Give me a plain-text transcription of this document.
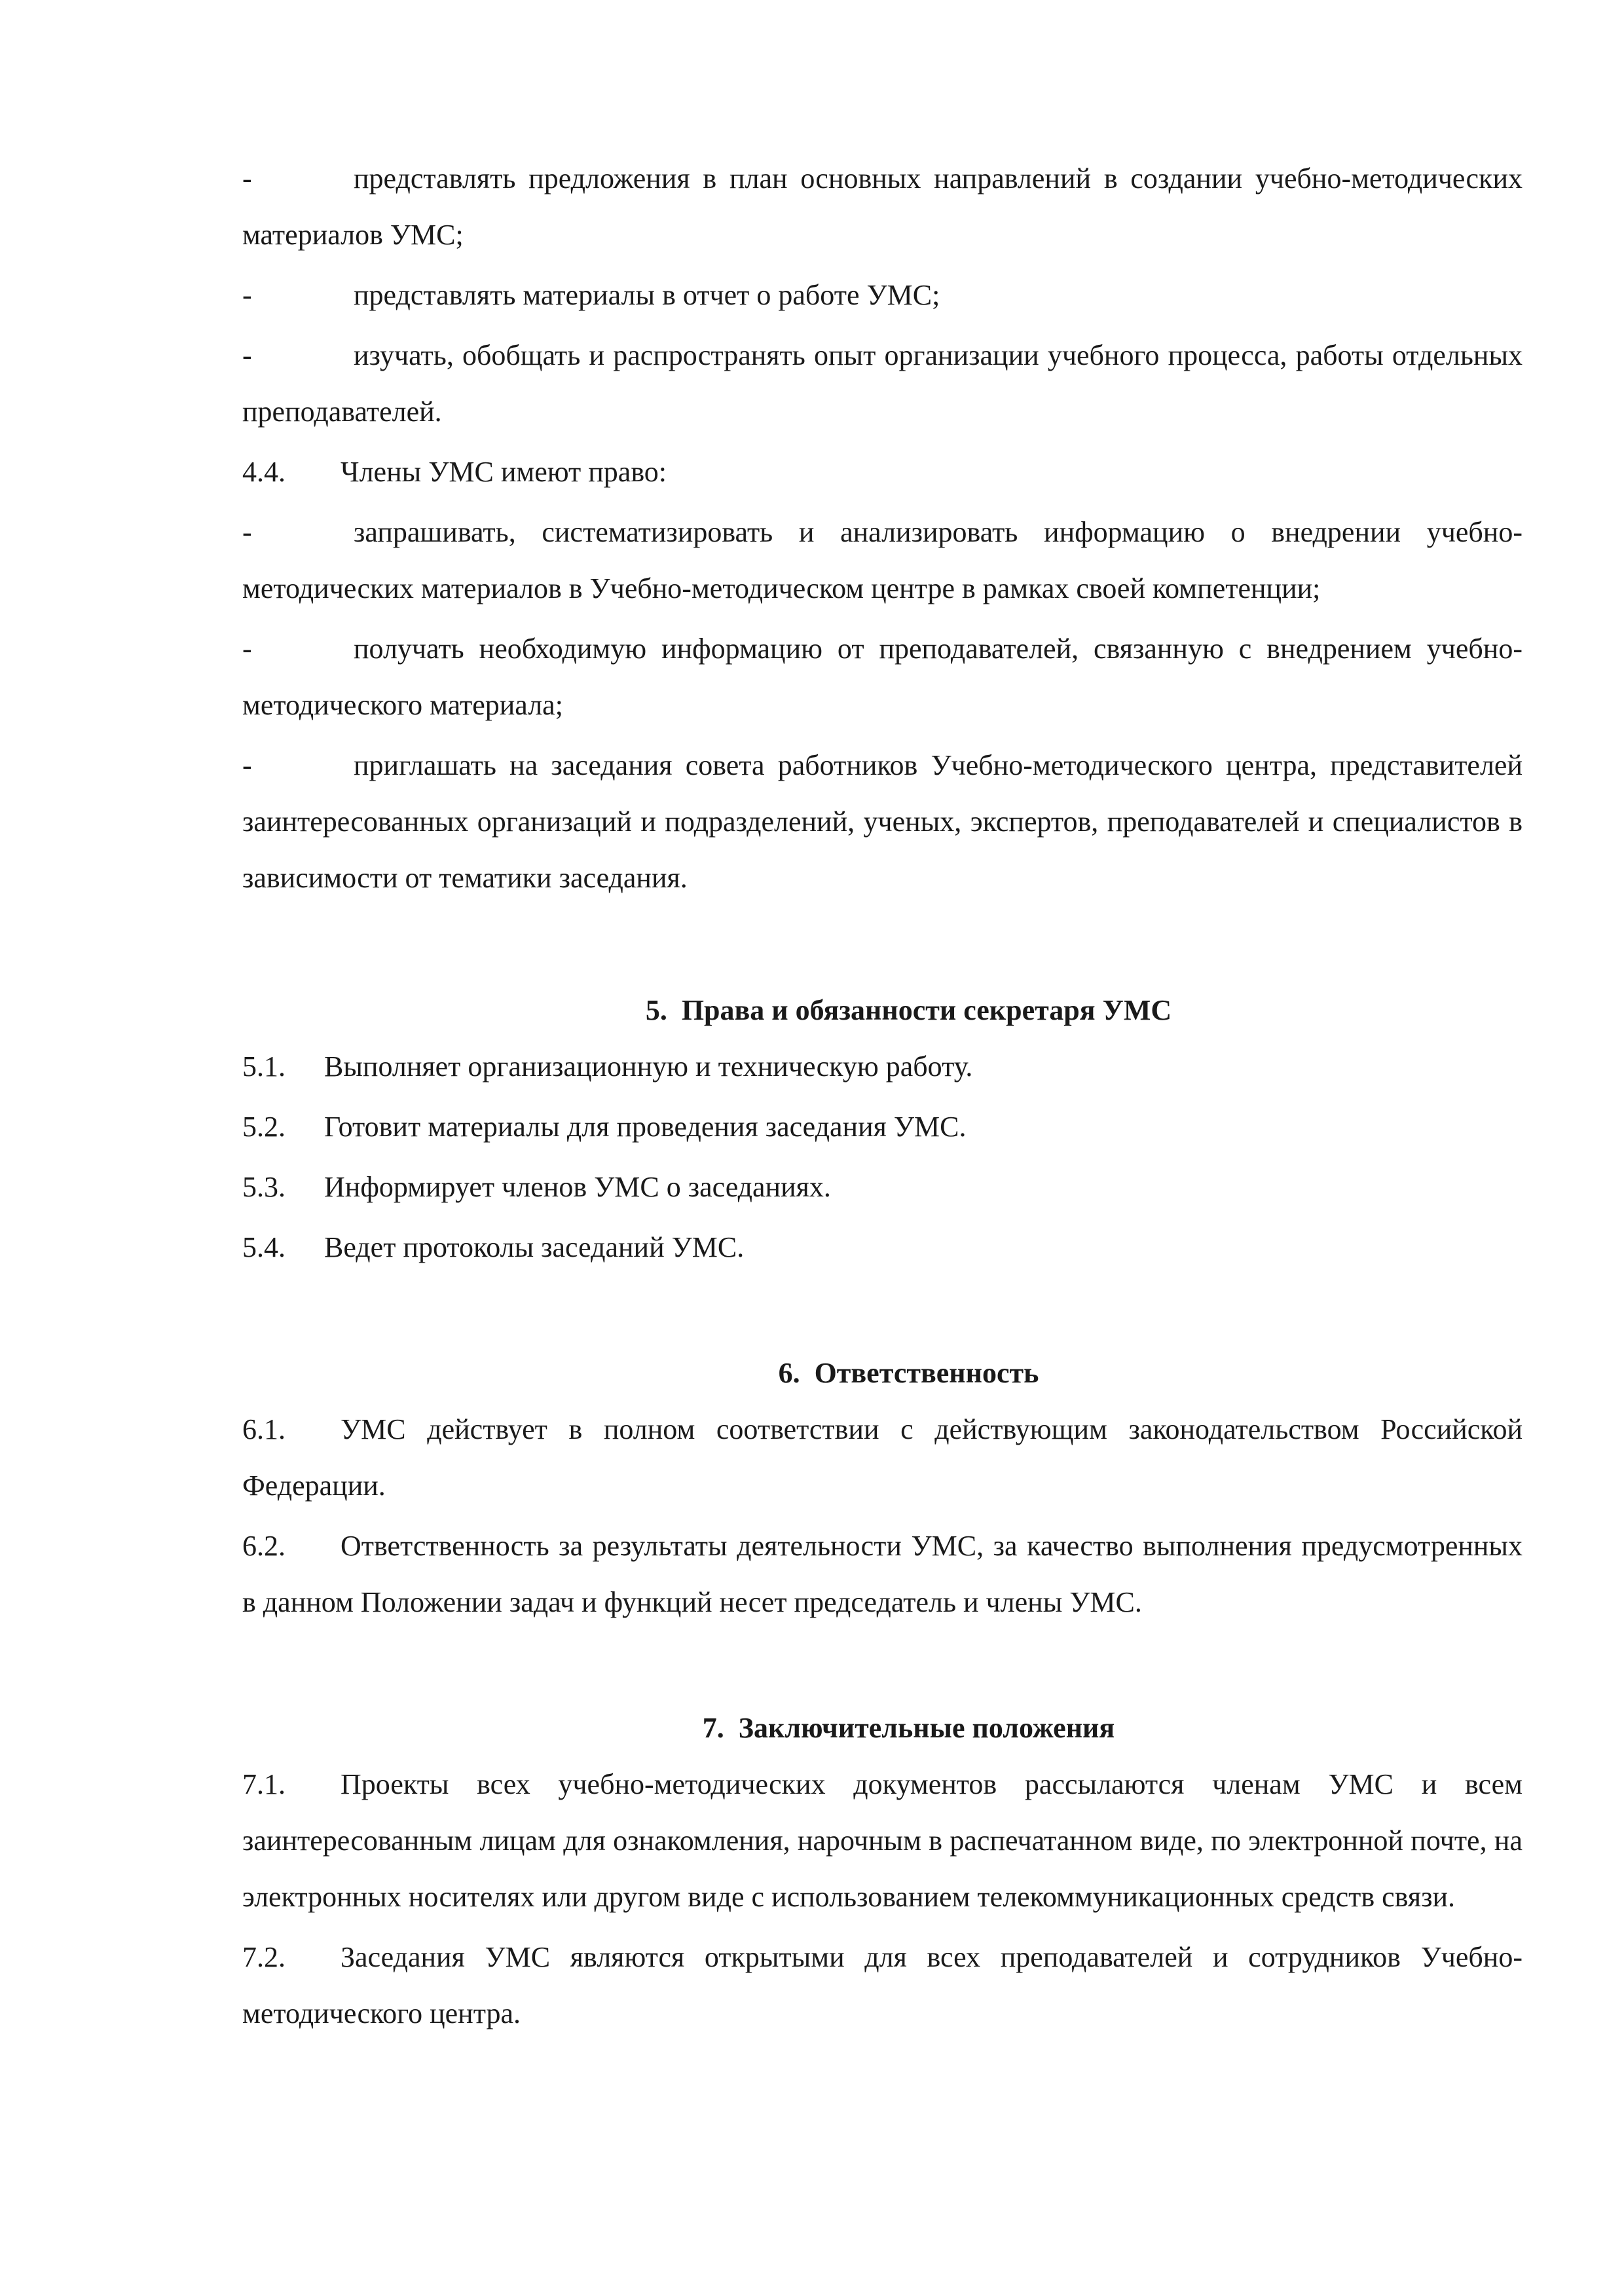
-	представлять предложения в план основных направлений в создании учебно-методических материалов УМС;

-	представлять материалы в отчет о работе УМС;

-	изучать, обобщать и распространять опыт организации учебного процесса, работы отдельных преподавателей.

4.4. Члены УМС имеют право:

-	запрашивать, систематизировать и анализировать информацию о внедрении учебно-методических материалов в Учебно-методическом центре в рамках своей компетенции;

-	получать необходимую информацию от преподавателей, связанную с внедрением учебно-методического материала;

-	приглашать на заседания совета работников Учебно-методического центра, представителей заинтересованных организаций и подразделений, ученых, экспертов, преподавателей и специалистов в зависимости от тематики заседания.

5. Права и обязанности секретаря УМС

5.1. Выполняет организационную и техническую работу.

5.2. Готовит материалы для проведения заседания УМС.

5.3. Информирует членов УМС о заседаниях.

5.4. Ведет протоколы заседаний УМС.

6. Ответственность

6.1. УМС действует в полном соответствии с действующим законодательством Российской Федерации.

6.2. Ответственность за результаты деятельности УМС, за качество выполнения предусмотренных в данном Положении задач и функций несет председатель и члены УМС.

7. Заключительные положения

7.1. Проекты всех учебно-методических документов рассылаются членам УМС и всем заинтересованным лицам для ознакомления, нарочным в распечатанном виде, по электронной почте, на электронных носителях или другом виде с использованием телекоммуникационных средств связи.

7.2. Заседания УМС являются открытыми для всех преподавателей и сотрудников Учебно-методического центра.
